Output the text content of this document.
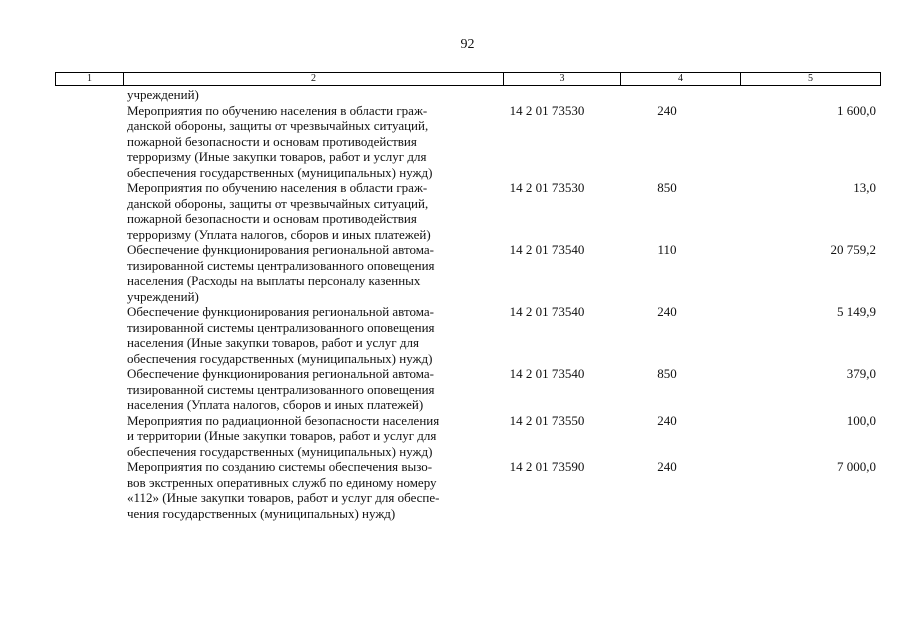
92
1	2	3	4	5
учреждений)
Мероприятия по обучению населения в области граж-
данской обороны, защиты от чрезвычайных ситуаций,
пожарной безопасности и основам противодействия
терроризму (Иные закупки товаров, работ и услуг для
обеспечения государственных (муниципальных) нужд)
14 2 01 73530	240	1 600,0
Мероприятия по обучению населения в области граж-
данской обороны, защиты от чрезвычайных ситуаций,
пожарной безопасности и основам противодействия
терроризму (Уплата налогов, сборов и иных платежей)
14 2 01 73530	850	13,0
Обеспечение функционирования региональной автома-
тизированной системы централизованного оповещения
населения (Расходы на выплаты персоналу казенных
учреждений)
14 2 01 73540	110	20 759,2
Обеспечение функционирования региональной автома-
тизированной системы централизованного оповещения
населения (Иные закупки товаров, работ и услуг для
обеспечения государственных (муниципальных) нужд)
14 2 01 73540	240	5 149,9
Обеспечение функционирования региональной автома-
тизированной системы централизованного оповещения
населения (Уплата налогов, сборов и иных платежей)
14 2 01 73540	850	379,0
Мероприятия по радиационной безопасности населения
и территории (Иные закупки товаров, работ и услуг для
обеспечения государственных (муниципальных) нужд)
14 2 01 73550	240	100,0
Мероприятия по созданию системы обеспечения вызо-
вов экстренных оперативных служб по единому номеру
«112» (Иные закупки товаров, работ и услуг для обеспе-
чения государственных (муниципальных) нужд)
14 2 01 73590	240	7 000,0
